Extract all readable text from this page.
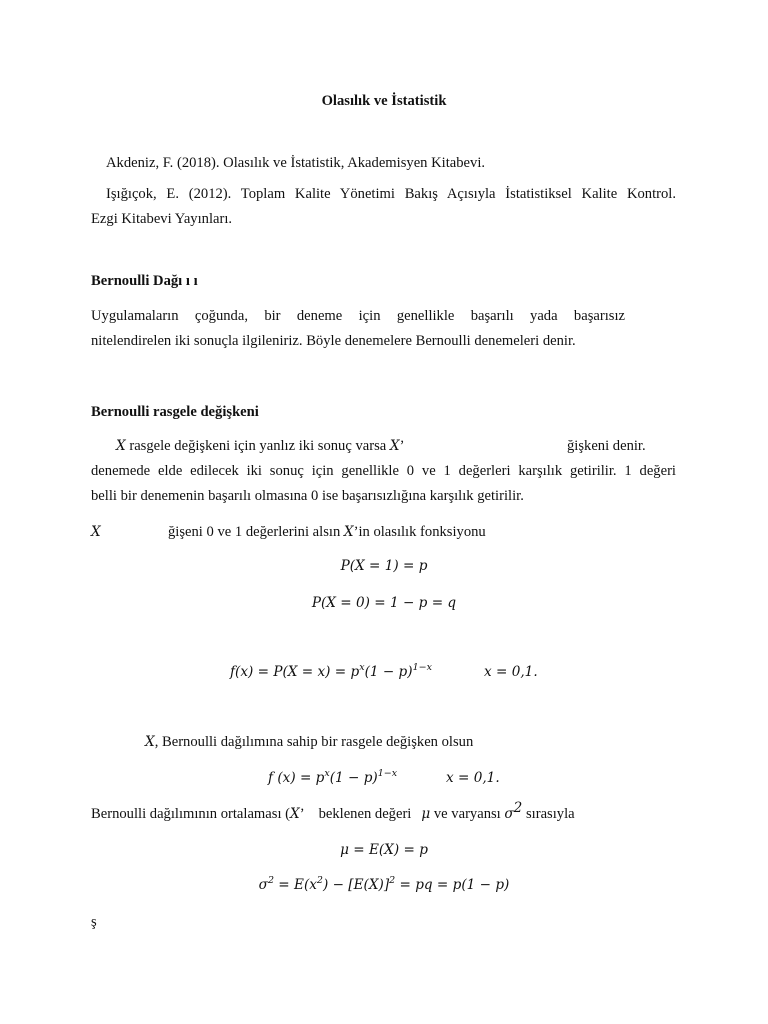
Olasılık ve İstatistik
Akdeniz, F. (2018). Olasılık ve İstatistik, Akademisyen Kitabevi.
Işığıçok, E. (2012). Toplam Kalite Yönetimi Bakış Açısıyla İstatistiksel Kalite Kontrol.
Ezgi Kitabevi Yayınları.
Bernoulli Dağı ı ı
Uygulamaların çoğunda, bir deneme için genellikle başarılı yada başarısız
nitelendirelen iki sonuçla ilgileniriz. Böyle denemelere Bernoulli denemeleri denir.
Bernoulli rasgele değişkeni
X rasgele değişkeni için yanlız iki sonuç varsa X’	ğişkeni denir.
denemede elde edilecek iki sonuç için genellikle 0 ve 1 değerleri karşılık getirilir. 1 değeri
belli bir denemenin başarılı olmasına 0 ise başarısızlığına karşılık getirilir.
X	ğişeni 0 ve 1 değerlerini alsın X’in olasılık fonksiyonu
P(X = 1) = p
P(X = 0) = 1 − p = q
$f(x) = P(X = x) = p^x(1 - p)^{1-x}$	x = 0,1.
X, Bernoulli dağılımına sahip bir rasgele değişken olsun
f $(x) = p^x(1 - p)^{1-x}$	x = 0,1.
Bernoulli dağılımının ortalaması (X’ beklenen değeri μ ve varyansı $\sigma^2$ sırasıyla
μ = E(X) = p
$\sigma^2 = E(x^2) - [E(X)]^2$ = pq = p(1 − p)
ş
